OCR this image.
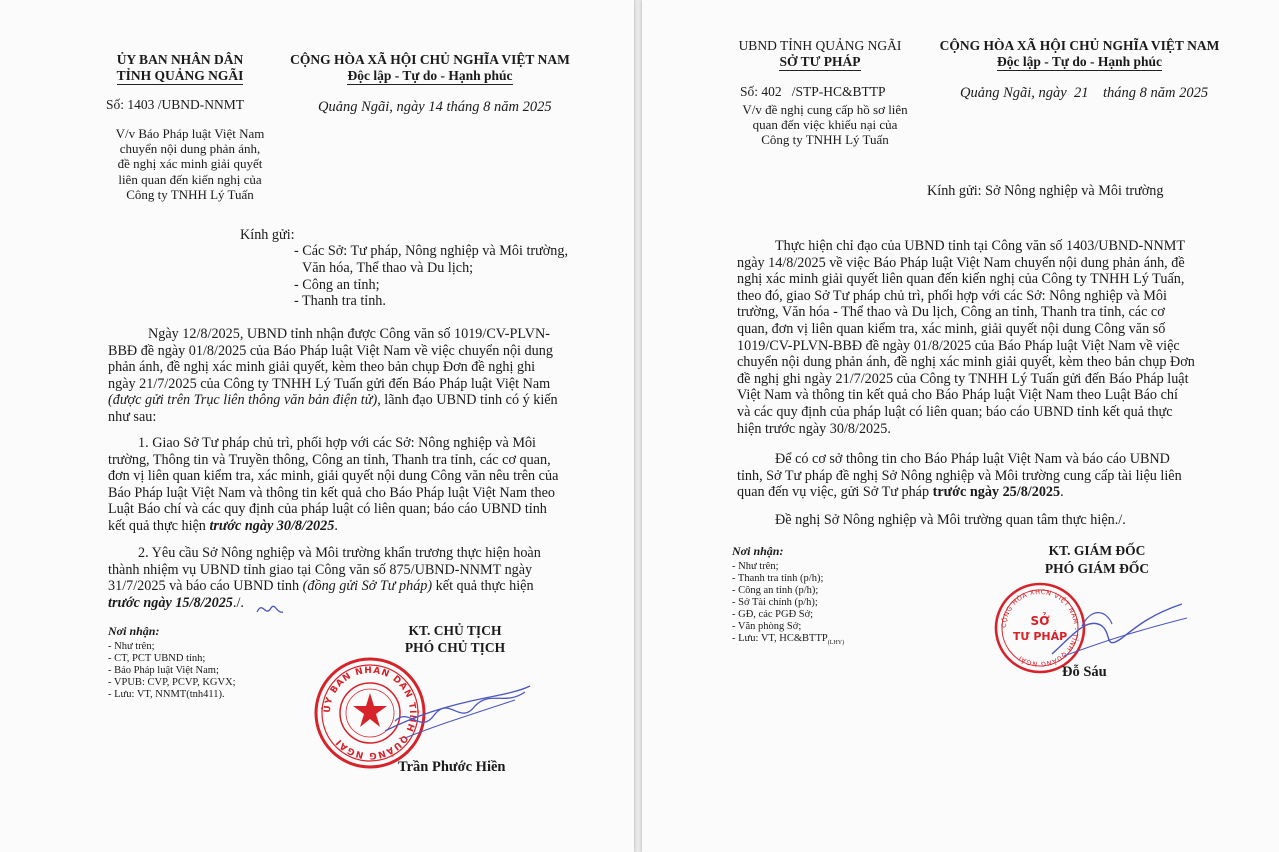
ỦY BAN NHÂN DÂN
TỈNH QUẢNG NGÃI
CỘNG HÒA XÃ HỘI CHỦ NGHĨA VIỆT NAM
Độc lập - Tự do - Hạnh phúc
Số: 1403 /UBND-NNMT	Quảng Ngãi, ngày 14 tháng 8 năm 2025
V/v Báo Pháp luật Việt Nam
chuyển nội dung phản ánh,
đề nghị xác minh giải quyết
liên quan đến kiến nghị của
Công ty TNHH Lý Tuấn
Kính gửi:
- Các Sở: Tư pháp, Nông nghiệp và Môi trường,
Văn hóa, Thể thao và Du lịch;
- Công an tỉnh;
- Thanh tra tỉnh.
Ngày 12/8/2025, UBND tỉnh nhận được Công văn số 1019/CV-PLVN-
BBĐ đề ngày 01/8/2025 của Báo Pháp luật Việt Nam về việc chuyển nội dung
phản ánh, đề nghị xác minh giải quyết, kèm theo bản chụp Đơn đề nghị ghi
ngày 21/7/2025 của Công ty TNHH Lý Tuấn gửi đến Báo Pháp luật Việt Nam
(được gửi trên Trục liên thông văn bản điện tử), lãnh đạo UBND tỉnh có ý kiến
như sau:
1. Giao Sở Tư pháp chủ trì, phối hợp với các Sở: Nông nghiệp và Môi
trường, Thông tin và Truyền thông, Công an tỉnh, Thanh tra tỉnh, các cơ quan,
đơn vị liên quan kiểm tra, xác minh, giải quyết nội dung Công văn nêu trên của
Báo Pháp luật Việt Nam và thông tin kết quả cho Báo Pháp luật Việt Nam theo
Luật Báo chí và các quy định của pháp luật có liên quan; báo cáo UBND tỉnh
kết quả thực hiện trước ngày 30/8/2025.
2. Yêu cầu Sở Nông nghiệp và Môi trường khẩn trương thực hiện hoàn
thành nhiệm vụ UBND tỉnh giao tại Công văn số 875/UBND-NNMT ngày
31/7/2025 và báo cáo UBND tỉnh (đồng gửi Sở Tư pháp) kết quả thực hiện
trước ngày 15/8/2025./.
Nơi nhận:
- Như trên;
- CT, PCT UBND tỉnh;
- Báo Pháp luật Việt Nam;
- VPUB: CVP, PCVP, KGVX;
- Lưu: VT, NNMT(tnh411).
KT. CHỦ TỊCH
PHÓ CHỦ TỊCH
ỦY BAN NHÂN DÂN TỈNH QUẢNG NGÃI
Trần Phước Hiền
UBND TỈNH QUẢNG NGÃI
SỞ TƯ PHÁP
CỘNG HÒA XÃ HỘI CHỦ NGHĨA VIỆT NAM
Độc lập - Tự do - Hạnh phúc
Số: 402   /STP-HC&BTTP	Quảng Ngãi, ngày  21    tháng 8 năm 2025
V/v đề nghị cung cấp hồ sơ liên
quan đến việc khiếu nại của
Công ty TNHH Lý Tuấn
Kính gửi: Sở Nông nghiệp và Môi trường
Thực hiện chỉ đạo của UBND tỉnh tại Công văn số 1403/UBND-NNMT
ngày 14/8/2025 về việc Báo Pháp luật Việt Nam chuyển nội dung phản ánh, đề
nghị xác minh giải quyết liên quan đến kiến nghị của Công ty TNHH Lý Tuấn,
theo đó, giao Sở Tư pháp chủ trì, phối hợp với các Sở: Nông nghiệp và Môi
trường, Văn hóa - Thể thao và Du lịch, Công an tỉnh, Thanh tra tỉnh, các cơ
quan, đơn vị liên quan kiểm tra, xác minh, giải quyết nội dung Công văn số
1019/CV-PLVN-BBĐ đề ngày 01/8/2025 của Báo Pháp luật Việt Nam về việc
chuyển nội dung phản ánh, đề nghị xác minh giải quyết, kèm theo bản chụp Đơn
đề nghị ghi ngày 21/7/2025 của Công ty TNHH Lý Tuấn gửi đến Báo Pháp luật
Việt Nam và thông tin kết quả cho Báo Pháp luật Việt Nam theo Luật Báo chí
và các quy định của pháp luật có liên quan; báo cáo UBND tỉnh kết quả thực
hiện trước ngày 30/8/2025.
Để có cơ sở thông tin cho Báo Pháp luật Việt Nam và báo cáo UBND
tỉnh, Sở Tư pháp đề nghị Sở Nông nghiệp và Môi trường cung cấp tài liệu liên
quan đến vụ việc, gửi Sở Tư pháp trước ngày 25/8/2025.
Đề nghị Sở Nông nghiệp và Môi trường quan tâm thực hiện./.
Nơi nhận:
- Như trên;
- Thanh tra tỉnh (p/h);
- Công an tỉnh (p/h);
- Sở Tài chính (p/h);
- GĐ, các PGĐ Sở;
- Văn phòng Sở;
- Lưu: VT, $HC\&BTTP_{(LHY)}$
KT. GIÁM ĐỐC
PHÓ GIÁM ĐỐC
CỘNG HÒA XHCN VIỆT NAM - TỈNH QUẢNG NGÃI
SỞ
TƯ PHÁP
Đỗ Sáu
